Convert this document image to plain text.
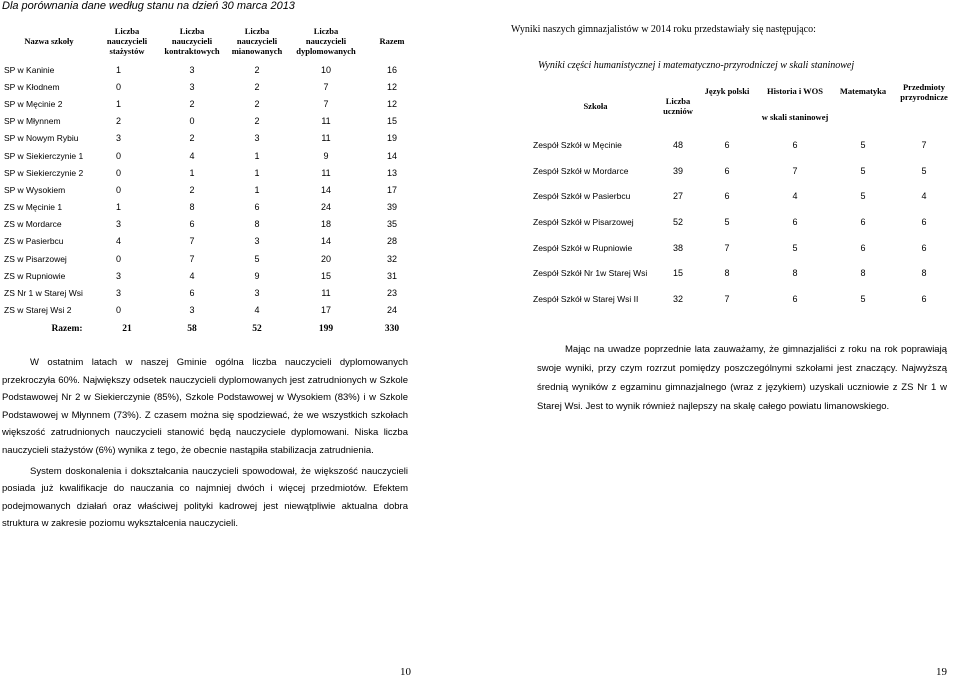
Dla porównania dane według stanu na dzień 30 marca 2013
Nazwa szkoły	Liczba
nauczycieli
stażystów	Liczba
nauczycieli
kontraktowych	Liczba
nauczycieli
mianowanych	Liczba
nauczycieli
dyplomowanych	Razem
SP w Kaninie	1	3	2	10	16
SP w Kłodnem	0	3	2	7	12
SP w Męcinie 2	1	2	2	7	12
SP w Młynnem	2	0	2	11	15
SP w Nowym Rybiu	3	2	3	11	19
SP w Siekierczynie 1	0	4	1	9	14
SP w Siekierczynie 2	0	1	1	11	13
SP w Wysokiem	0	2	1	14	17
ZS w Męcinie 1	1	8	6	24	39
ZS w Mordarce	3	6	8	18	35
ZS w Pasierbcu	4	7	3	14	28
ZS w Pisarzowej	0	7	5	20	32
ZS w Rupniowie	3	4	9	15	31
ZS Nr 1 w Starej Wsi	3	6	3	11	23
ZS w Starej Wsi 2	0	3	4	17	24
Razem:	21	58	52	199	330

W ostatnim latach w naszej Gminie ogólna liczba nauczycieli dyplomowanych przekroczyła 60%. Największy odsetek nauczycieli dyplomowanych jest zatrudnionych w Szkole Podstawowej Nr 2 w Siekierczynie (85%), Szkole Podstawowej w Wysokiem (83%) i w Szkole Podstawowej w Młynnem (73%). Z czasem można się spodziewać, że we wszystkich szkołach większość zatrudnionych nauczycieli stanowić będą nauczyciele dyplomowani. Niska liczba nauczycieli stażystów (6%) wynika z tego, że obecnie nastąpiła stabilizacja zatrudnienia.

System doskonalenia i dokształcania nauczycieli spowodował, że większość nauczycieli posiada już kwalifikacje do nauczania co najmniej dwóch i więcej przedmiotów. Efektem podejmowanych działań oraz właściwej polityki kadrowej jest niewątpliwie aktualna dobra struktura w zakresie poziomu wykształcenia nauczycieli.

Wyniki naszych gimnazjalistów w 2014 roku przedstawiały się następująco:
Wyniki części humanistycznej i matematyczno-przyrodniczej w skali staninowej
Szkoła	Liczba
uczniów	Język polski	Historia i WOS	Matematyka	Przedmioty
przyrodnicze
		w skali staninowej			
Zespół Szkół w Męcinie	48	6	6	5	7
Zespół Szkół w Mordarce	39	6	7	5	5
Zespół Szkół w Pasierbcu	27	6	4	5	4
Zespół Szkół w Pisarzowej	52	5	6	6	6
Zespół Szkół w Rupniowie	38	7	5	6	6
Zespół Szkół Nr 1w Starej Wsi	15	8	8	8	8
Zespół Szkół w Starej Wsi II	32	7	6	5	6

Mając na uwadze poprzednie lata zauważamy, że gimnazjaliści z roku na rok poprawiają swoje wyniki, przy czym rozrzut pomiędzy poszczególnymi szkołami jest znaczący. Najwyższą średnią wyników z egzaminu gimnazjalnego (wraz z językiem) uzyskali uczniowie z ZS Nr 1 w Starej Wsi. Jest to wynik również najlepszy na skalę całego powiatu limanowskiego.

10	19
